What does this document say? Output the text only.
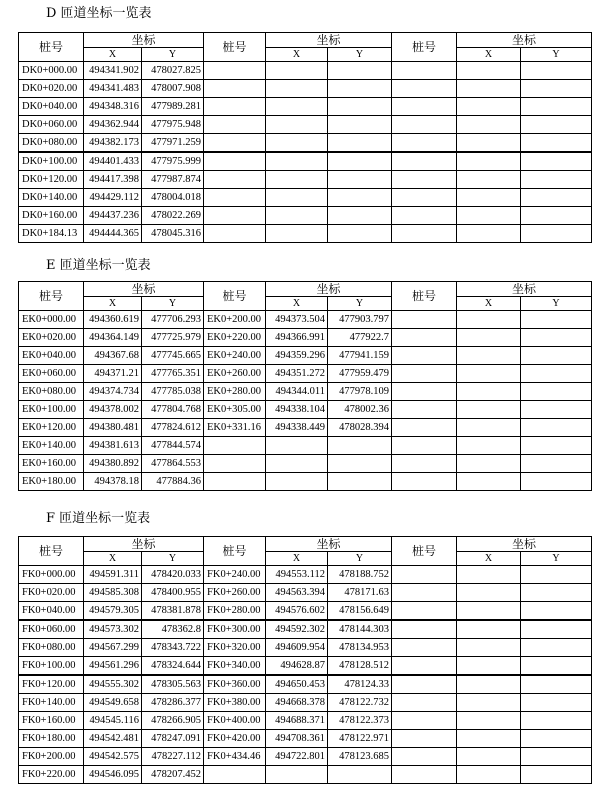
D 匝道坐标一览表
桩号	坐标		桩号	坐标		桩号	坐标	
	X	Y		X	Y		X	Y
DK0+000.00	494341.902	478027.825						
DK0+020.00	494341.483	478007.908						
DK0+040.00	494348.316	477989.281						
DK0+060.00	494362.944	477975.948						
DK0+080.00	494382.173	477971.259						
DK0+100.00	494401.433	477975.999						
DK0+120.00	494417.398	477987.874						
DK0+140.00	494429.112	478004.018						
DK0+160.00	494437.236	478022.269						
DK0+184.13	494444.365	478045.316						
E 匝道坐标一览表
桩号	坐标		桩号	坐标		桩号	坐标	
	X	Y		X	Y		X	Y
EK0+000.00	494360.619	477706.293	EK0+200.00	494373.504	477903.797			
EK0+020.00	494364.149	477725.979	EK0+220.00	494366.991	477922.7			
EK0+040.00	494367.68	477745.665	EK0+240.00	494359.296	477941.159			
EK0+060.00	494371.21	477765.351	EK0+260.00	494351.272	477959.479			
EK0+080.00	494374.734	477785.038	EK0+280.00	494344.011	477978.109			
EK0+100.00	494378.002	477804.768	EK0+305.00	494338.104	478002.36			
EK0+120.00	494380.481	477824.612	EK0+331.16	494338.449	478028.394			
EK0+140.00	494381.613	477844.574						
EK0+160.00	494380.892	477864.553						
EK0+180.00	494378.18	477884.36						
F 匝道坐标一览表
桩号	坐标		桩号	坐标		桩号	坐标	
	X	Y		X	Y		X	Y
FK0+000.00	494591.311	478420.033	FK0+240.00	494553.112	478188.752			
FK0+020.00	494585.308	478400.955	FK0+260.00	494563.394	478171.63			
FK0+040.00	494579.305	478381.878	FK0+280.00	494576.602	478156.649			
FK0+060.00	494573.302	478362.8	FK0+300.00	494592.302	478144.303			
FK0+080.00	494567.299	478343.722	FK0+320.00	494609.954	478134.953			
FK0+100.00	494561.296	478324.644	FK0+340.00	494628.87	478128.512			
FK0+120.00	494555.302	478305.563	FK0+360.00	494650.453	478124.33			
FK0+140.00	494549.658	478286.377	FK0+380.00	494668.378	478122.732			
FK0+160.00	494545.116	478266.905	FK0+400.00	494688.371	478122.373			
FK0+180.00	494542.481	478247.091	FK0+420.00	494708.361	478122.971			
FK0+200.00	494542.575	478227.112	FK0+434.46	494722.801	478123.685			
FK0+220.00	494546.095	478207.452						
